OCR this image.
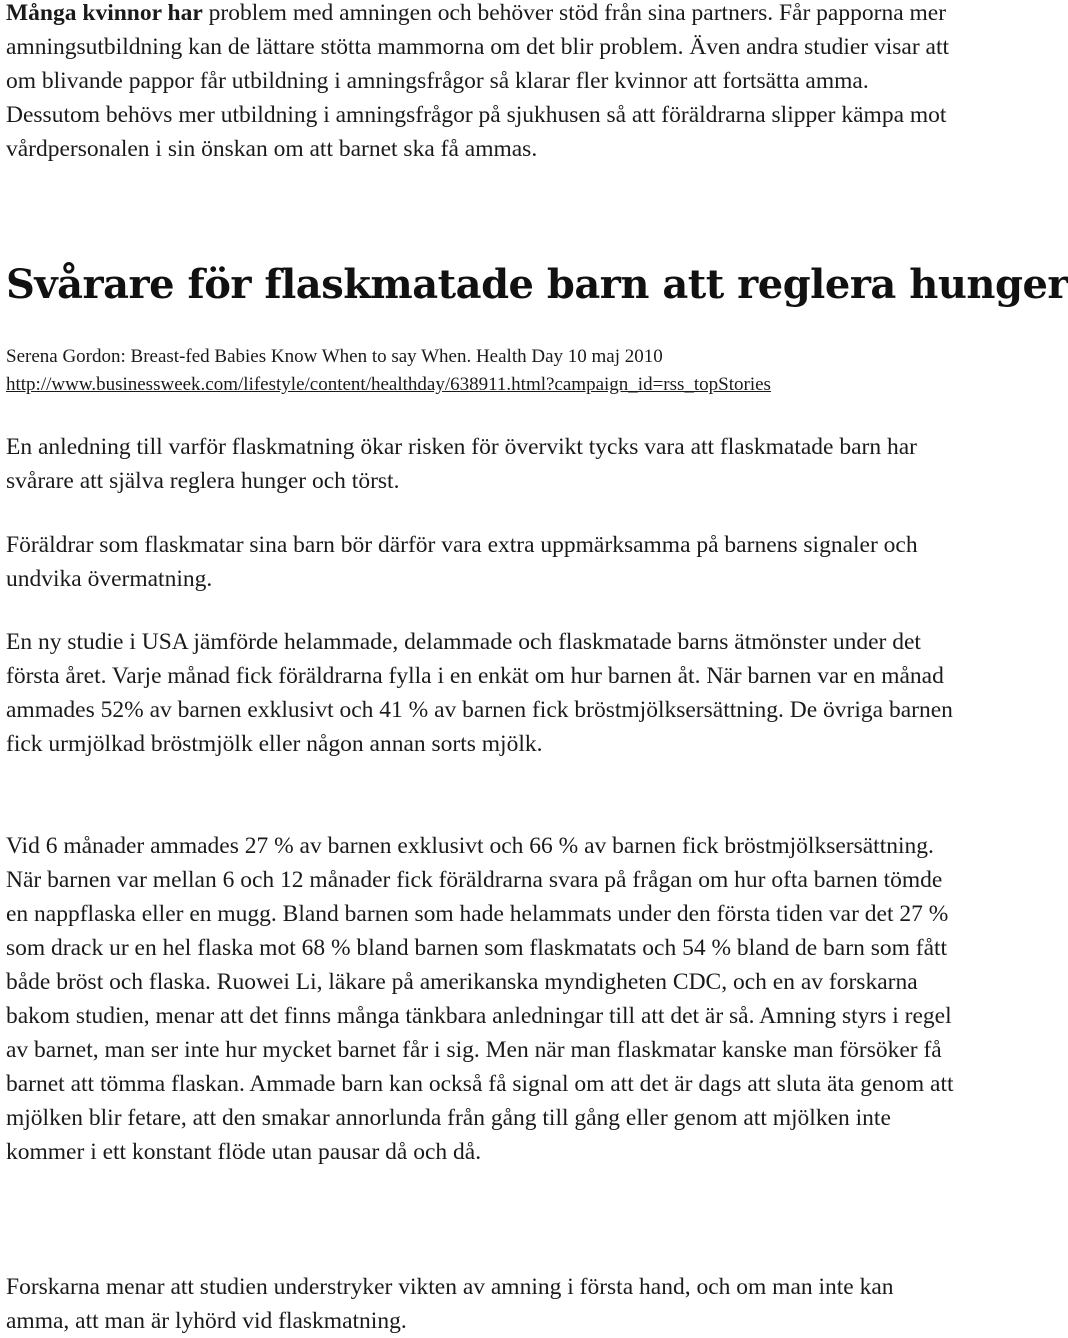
Många kvinnor har problem med amningen och behöver stöd från sina partners. Får papporna mer amningsutbildning kan de lättare stötta mammorna om det blir problem. Även andra studier visar att om blivande pappor får utbildning i amningsfrågor så klarar fler kvinnor att fortsätta amma. Dessutom behövs mer utbildning i amningsfrågor på sjukhusen så att föräldrarna slipper kämpa mot vårdpersonalen i sin önskan om att barnet ska få ammas.

Svårare för flaskmatade barn att reglera hunger
Serena Gordon: Breast-fed Babies Know When to say When. Health Day 10 maj 2010
http://www.businessweek.com/lifestyle/content/healthday/638911.html?campaign_id=rss_topStories

En anledning till varför flaskmatning ökar risken för övervikt tycks vara att flaskmatade barn har svårare att själva reglera hunger och törst.

Föräldrar som flaskmatar sina barn bör därför vara extra uppmärksamma på barnens signaler och undvika övermatning.

En ny studie i USA jämförde helammade, delammade och flaskmatade barns ätmönster under det första året. Varje månad fick föräldrarna fylla i en enkät om hur barnen åt. När barnen var en månad ammades 52% av barnen exklusivt och 41 % av barnen fick bröstmjölksersättning. De övriga barnen fick urmjölkad bröstmjölk eller någon annan sorts mjölk.

Vid 6 månader ammades 27 % av barnen exklusivt och 66 % av barnen fick bröstmjölksersättning. När barnen var mellan 6 och 12 månader fick föräldrarna svara på frågan om hur ofta barnen tömde en nappflaska eller en mugg. Bland barnen som hade helammats under den första tiden var det 27 % som drack ur en hel flaska mot 68 % bland barnen som flaskmatats och 54 % bland de barn som fått både bröst och flaska. Ruowei Li, läkare på amerikanska myndigheten CDC, och en av forskarna bakom studien, menar att det finns många tänkbara anledningar till att det är så. Amning styrs i regel av barnet, man ser inte hur mycket barnet får i sig. Men när man flaskmatar kanske man försöker få barnet att tömma flaskan. Ammade barn kan också få signal om att det är dags att sluta äta genom att mjölken blir fetare, att den smakar annorlunda från gång till gång eller genom att mjölken inte kommer i ett konstant flöde utan pausar då och då.

Forskarna menar att studien understryker vikten av amning i första hand, och om man inte kan amma, att man är lyhörd vid flaskmatning.
